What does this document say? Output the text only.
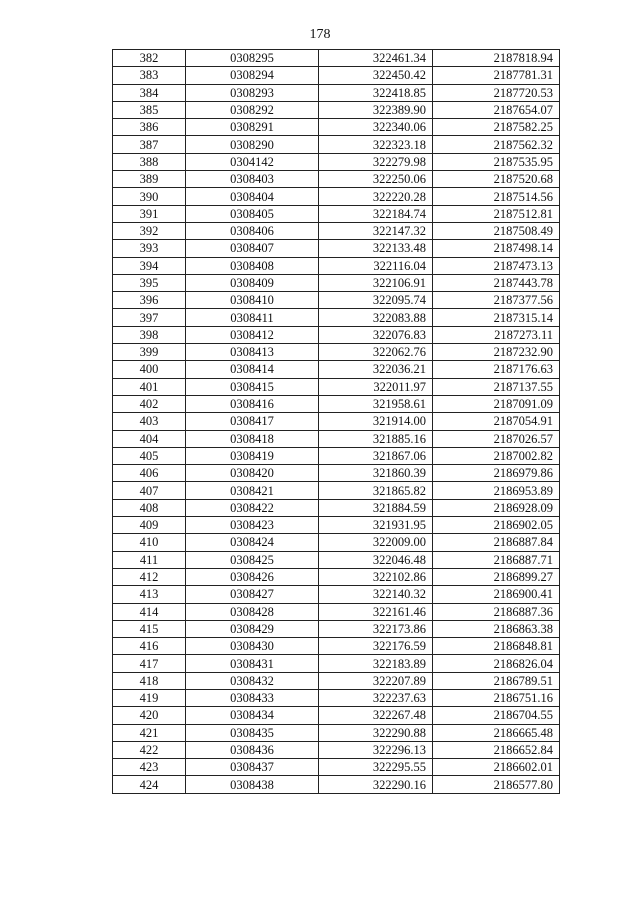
178
382	0308295	322461.34	2187818.94
383	0308294	322450.42	2187781.31
384	0308293	322418.85	2187720.53
385	0308292	322389.90	2187654.07
386	0308291	322340.06	2187582.25
387	0308290	322323.18	2187562.32
388	0304142	322279.98	2187535.95
389	0308403	322250.06	2187520.68
390	0308404	322220.28	2187514.56
391	0308405	322184.74	2187512.81
392	0308406	322147.32	2187508.49
393	0308407	322133.48	2187498.14
394	0308408	322116.04	2187473.13
395	0308409	322106.91	2187443.78
396	0308410	322095.74	2187377.56
397	0308411	322083.88	2187315.14
398	0308412	322076.83	2187273.11
399	0308413	322062.76	2187232.90
400	0308414	322036.21	2187176.63
401	0308415	322011.97	2187137.55
402	0308416	321958.61	2187091.09
403	0308417	321914.00	2187054.91
404	0308418	321885.16	2187026.57
405	0308419	321867.06	2187002.82
406	0308420	321860.39	2186979.86
407	0308421	321865.82	2186953.89
408	0308422	321884.59	2186928.09
409	0308423	321931.95	2186902.05
410	0308424	322009.00	2186887.84
411	0308425	322046.48	2186887.71
412	0308426	322102.86	2186899.27
413	0308427	322140.32	2186900.41
414	0308428	322161.46	2186887.36
415	0308429	322173.86	2186863.38
416	0308430	322176.59	2186848.81
417	0308431	322183.89	2186826.04
418	0308432	322207.89	2186789.51
419	0308433	322237.63	2186751.16
420	0308434	322267.48	2186704.55
421	0308435	322290.88	2186665.48
422	0308436	322296.13	2186652.84
423	0308437	322295.55	2186602.01
424	0308438	322290.16	2186577.80
